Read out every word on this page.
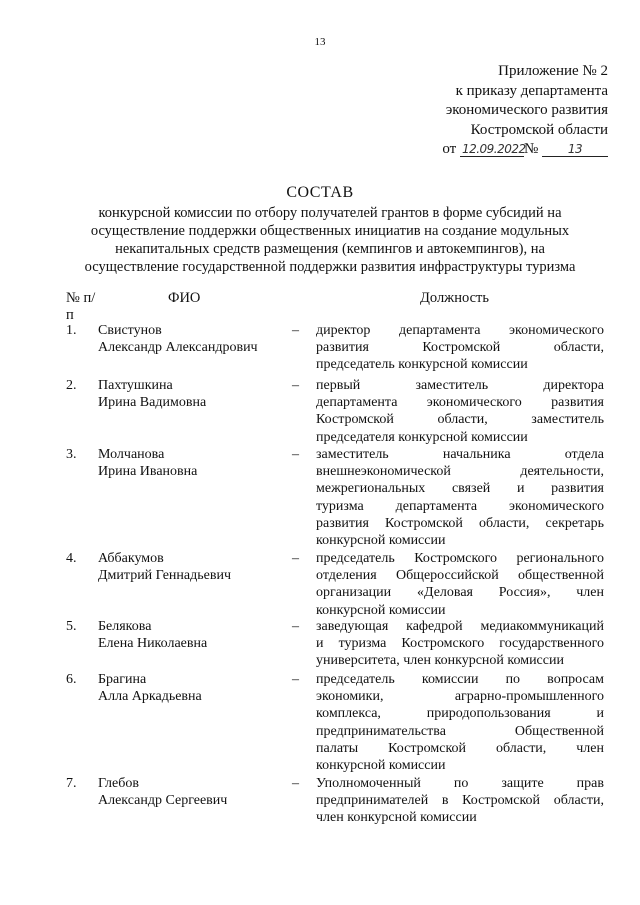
13
Приложение № 2
к приказу департамента
экономического развития
Костромской области
от 12.09.2022№ 13
СОСТАВ
конкурсной комиссии по отбору получателей грантов в форме субсидий на
осуществление поддержки общественных инициатив на создание модульных
некапитальных средств размещения (кемпингов и автокемпингов), на
осуществление государственной поддержки развития инфраструктуры туризма
№ п/п
ФИО	Должность
1. Свистунов
Александр Александрович
– директор департамента экономического
развития Костромской области,
председатель конкурсной комиссии
2. Пахтушкина
Ирина Вадимовна
– первый заместитель директора
департамента экономического развития
Костромской области, заместитель
председателя конкурсной комиссии
3. Молчанова
Ирина Ивановна
– заместитель начальника отдела
внешнеэкономической деятельности,
межрегиональных связей и развития
туризма департамента экономического
развития Костромской области, секретарь
конкурсной комиссии
4. Аббакумов
Дмитрий Геннадьевич
– председатель Костромского регионального
отделения Общероссийской общественной
организации «Деловая Россия», член
конкурсной комиссии
5. Белякова
Елена Николаевна
– заведующая кафедрой медиакоммуникаций
и туризма Костромского государственного
университета, член конкурсной комиссии
6. Брагина
Алла Аркадьевна
– председатель комиссии по вопросам
экономики, аграрно-промышленного
комплекса, природопользования и
предпринимательства Общественной
палаты Костромской области, член
конкурсной комиссии
7. Глебов
Александр Сергеевич
– Уполномоченный по защите прав
предпринимателей в Костромской области,
член конкурсной комиссии
